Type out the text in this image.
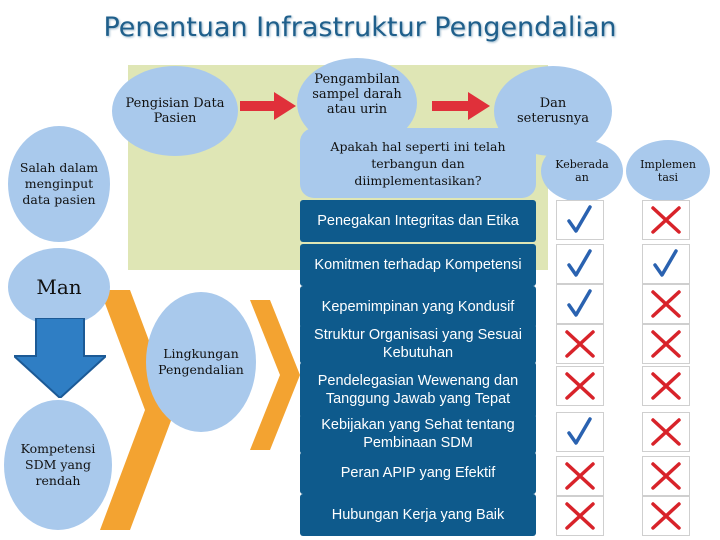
Penentuan Infrastruktur Pengendalian
Pengisian Data Pasien
Pengambilan sampel darah atau urin	Dan seterusnya
Apakah hal seperti ini telah terbangun dan diimplementasikan?
Salah dalam menginput data pasien
Man
Kompetensi SDM yang rendah
Lingkungan Pengendalian
Keberada an
Implemen tasi
Penegakan Integritas dan Etika
Komitmen terhadap Kompetensi
Kepemimpinan yang Kondusif
Struktur Organisasi yang Sesuai Kebutuhan
Pendelegasian Wewenang dan Tanggung Jawab yang Tepat
Kebijakan yang Sehat tentang Pembinaan SDM
Peran APIP yang Efektif
Hubungan Kerja yang Baik
